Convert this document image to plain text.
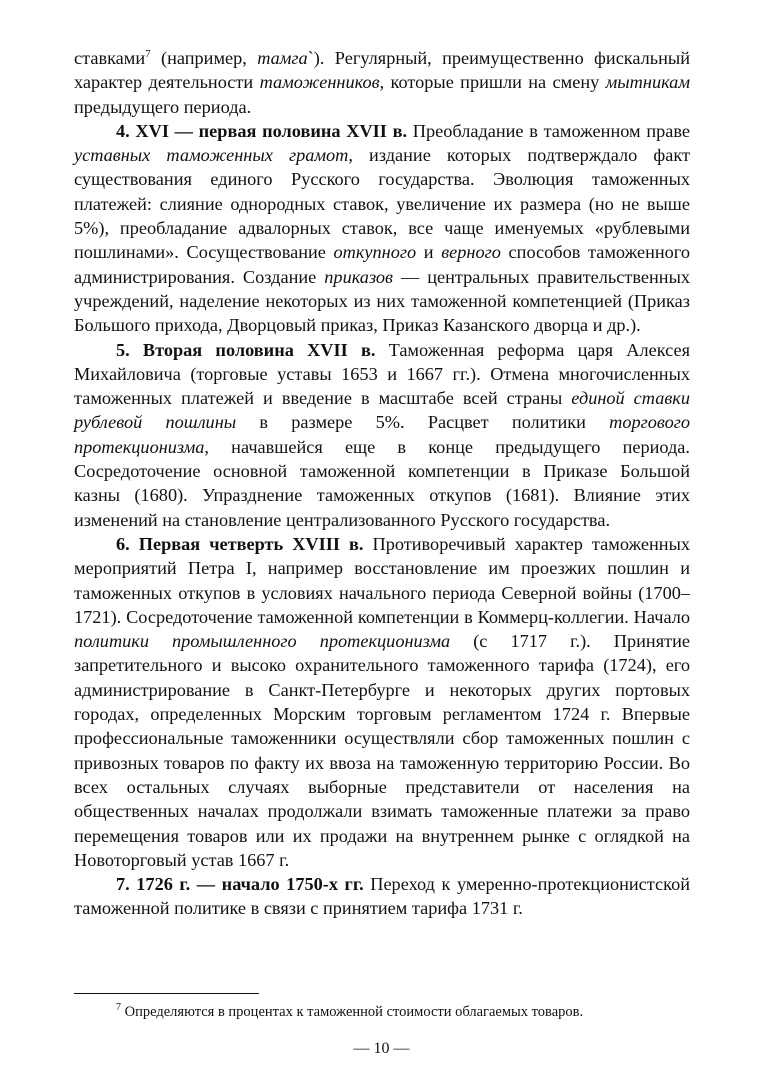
ставками$^7$ (например, тамга`). Регулярный, преимущественно фискальный характер деятельности таможенников, которые пришли на смену мытникам предыдущего периода.

4. XVI — первая половина XVII в. Преобладание в таможенном праве уставных таможенных грамот, издание которых подтверждало факт существования единого Русского государства. Эволюция таможенных платежей: слияние однородных ставок, увеличение их размера (но не выше 5%), преобладание адвалорных ставок, все чаще именуемых «рублевыми пошлинами». Сосуществование откупного и верного способов таможенного администрирования. Создание приказов — центральных правительственных учреждений, наделение некоторых из них таможенной компетенцией (Приказ Большого прихода, Дворцовый приказ, Приказ Казанского дворца и др.).

5. Вторая половина XVII в. Таможенная реформа царя Алексея Михайловича (торговые уставы 1653 и 1667 гг.). Отмена многочисленных таможенных платежей и введение в масштабе всей страны единой ставки рублевой пошлины в размере 5%. Расцвет политики торгового протекционизма, начавшейся еще в конце предыдущего периода. Сосредоточение основной таможенной компетенции в Приказе Большой казны (1680). Упразднение таможенных откупов (1681). Влияние этих изменений на становление централизованного Русского государства.

6. Первая четверть XVIII в. Противоречивый характер таможенных мероприятий Петра I, например восстановление им проезжих пошлин и таможенных откупов в условиях начального периода Северной войны (1700–1721). Сосредоточение таможенной компетенции в Коммерц-коллегии. Начало политики промышленного протекционизма (с 1717 г.). Принятие запретительного и высоко охранительного таможенного тарифа (1724), его администрирование в Санкт-Петербурге и некоторых других портовых городах, определенных Морским торговым регламентом 1724 г. Впервые профессиональные таможенники осуществляли сбор таможенных пошлин с привозных товаров по факту их ввоза на таможенную территорию России. Во всех остальных случаях выборные представители от населения на общественных началах продолжали взимать таможенные платежи за право перемещения товаров или их продажи на внутреннем рынке с оглядкой на Новоторговый устав 1667 г.

7. 1726 г. — начало 1750-х гг. Переход к умеренно-протекционистской таможенной политике в связи с принятием тарифа 1731 г.

$^7$ Определяются в процентах к таможенной стоимости облагаемых товаров.
— 10 —
